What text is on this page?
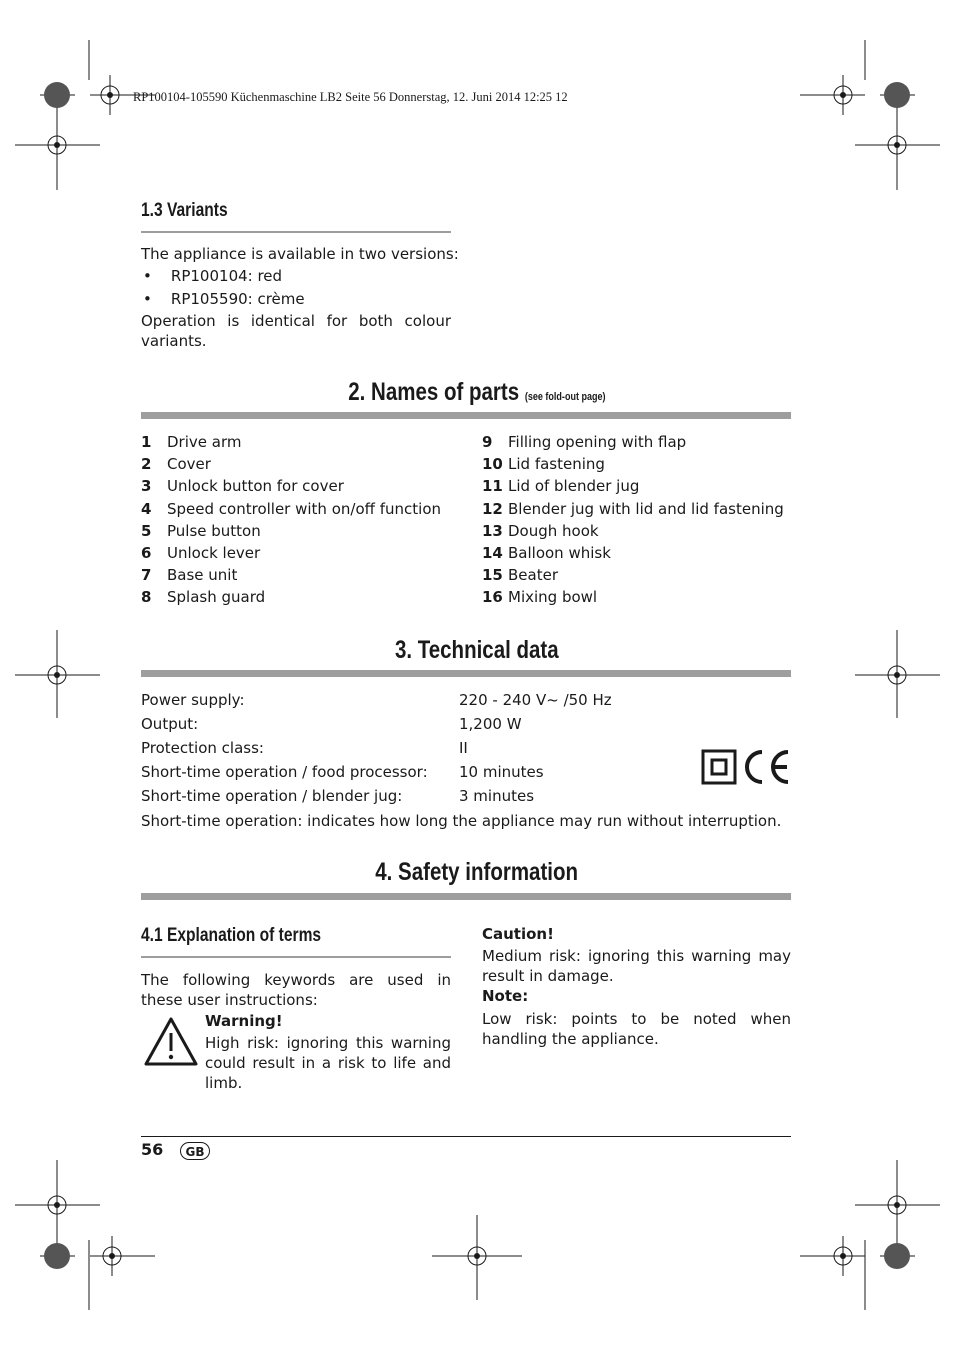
RP100104-105590 Küchenmaschine LB2 Seite 56 Donnerstag, 12. Juni 2014 12:25 12
1.3 Variants
The appliance is available in two versions:
•    RP100104: red
•    RP105590: crème
Operation is identical for both colour variants.
2. Names of parts (see fold-out page)
1 Drive arm
2 Cover
3 Unlock button for cover
4 Speed controller with on/off function
5 Pulse button
6 Unlock lever
7 Base unit
8 Splash guard
9 Filling opening with flap
10 Lid fastening
11 Lid of blender jug
12 Blender jug with lid and lid fastening
13 Dough hook
14 Balloon whisk
15 Beater
16 Mixing bowl
3. Technical data
Power supply:	220 - 240 V~ /50 Hz
Output:	1,200 W
Protection class:	II
Short-time operation / food processor: 10 minutes
Short-time operation / blender jug:	3 minutes
Short-time operation: indicates how long the appliance may run without interruption.
4. Safety information
4.1 Explanation of terms
The following keywords are used in these user instructions:
Warning!
High risk: ignoring this warning could result in a risk to life and limb.
Caution!
Medium risk: ignoring this warning may result in damage.
Note:
Low risk: points to be noted when handling the appliance.
56	GB
